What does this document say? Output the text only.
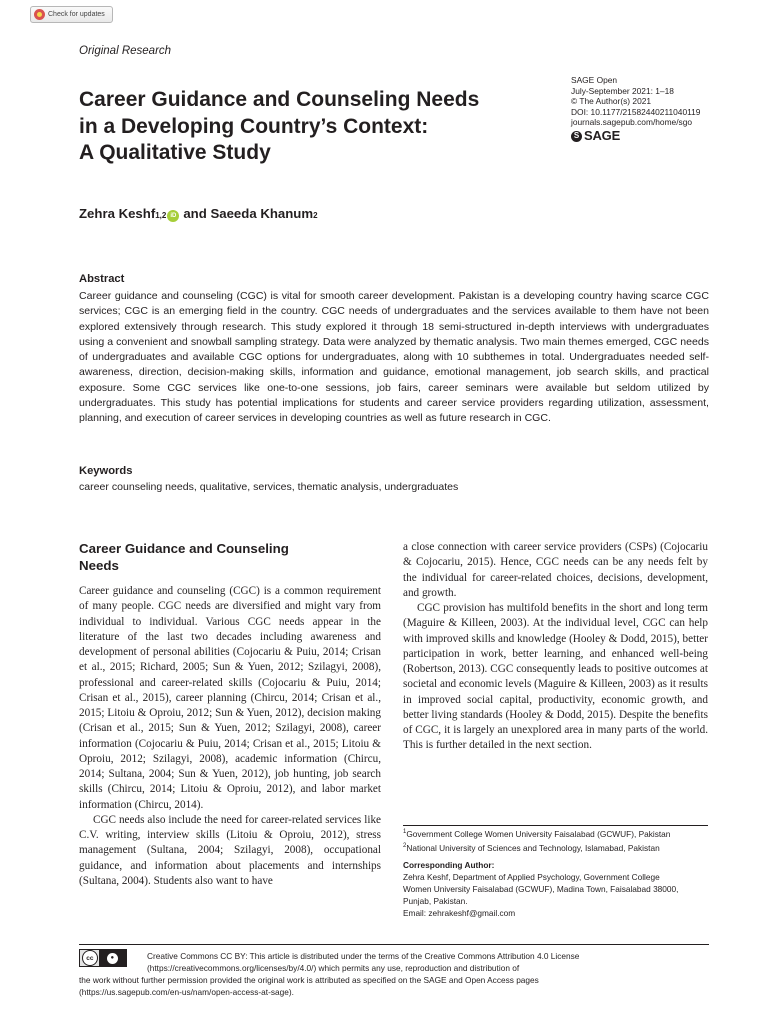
Check for updates
Original Research
SAGE Open
July-September 2021: 1–18
© The Author(s) 2021
DOI: 10.1177/21582440211040119
journals.sagepub.com/home/sgo
S SAGE
Career Guidance and Counseling Needs
in a Developing Country’s Context:
A Qualitative Study
Zehra Keshf 1,2 iD and
Saeeda Khanum 2
Abstract
Career guidance and counseling (CGC) is vital for smooth career development. Pakistan is a developing country having scarce CGC services; CGC is an emerging field in the country. CGC needs of undergraduates and the services available to them have not been explored extensively through research. This study explored it through 18 semi-structured in-depth interviews with undergraduates using a convenient and snowball sampling strategy. Data were analyzed by thematic analysis. Two main themes emerged, CGC needs of undergraduates and available CGC options for undergraduates, along with 10 subthemes in total. Undergraduates needed self-awareness, direction, decision-making skills, information and guidance, emotional management, job search skills, and practical exposure. Some CGC services like one-to-one sessions, job fairs, career seminars were available but seldom utilized by undergraduates. This study has potential implications for students and career service providers regarding utilization, assessment, planning, and execution of career services in developing countries as well as future research in CGC.
Keywords
career counseling needs, qualitative, services, thematic analysis, undergraduates
Career Guidance and Counseling Needs

Career guidance and counseling (CGC) is a common requirement of many people. CGC needs are diversified and might vary from individual to individual. Various CGC needs appear in the literature of the last two decades including awareness and development of personal abilities (Cojocariu & Puiu, 2014; Crisan et al., 2015; Richard, 2005; Sun & Yuen, 2012; Szilagyi, 2008), professional and career-related skills (Cojocariu & Puiu, 2014; Crisan et al., 2015), career planning (Chircu, 2014; Crisan et al., 2015; Litoiu & Oproiu, 2012; Sun & Yuen, 2012), decision making (Crisan et al., 2015; Sun & Yuen, 2012; Szilagyi, 2008), career information (Cojocariu & Puiu, 2014; Crisan et al., 2015; Litoiu & Oproiu, 2012; Szilagyi, 2008), academic information (Chircu, 2014; Sultana, 2004; Sun & Yuen, 2012), job hunting, job search skills (Chircu, 2014; Litoiu & Oproiu, 2012), and labor market information (Chircu, 2014).

CGC needs also include the need for career-related services like C.V. writing, interview skills (Litoiu & Oproiu, 2012), stress management (Sultana, 2004; Szilagyi, 2008), occupational guidance, and information about placements and internships (Sultana, 2004). Students also want to have

a close connection with career service providers (CSPs) (Cojocariu & Cojocariu, 2015). Hence, CGC needs can be any needs felt by the individual for career-related choices, decisions, development, and growth.

CGC provision has multifold benefits in the short and long term (Maguire & Killeen, 2003). At the individual level, CGC can help with improved skills and knowledge (Hooley & Dodd, 2015), better participation in work, better learning, and enhanced well-being (Robertson, 2013). CGC consequently leads to positive outcomes at societal and economic levels (Maguire & Killeen, 2003) as it results in improved social capital, productivity, economic growth, and better living standards (Hooley & Dodd, 2015). Despite the benefits of CGC, it is largely an unexplored area in many parts of the world. This is further detailed in the next section.

$^1$Government College Women University Faisalabad (GCWUF), Pakistan
$^2$National University of Sciences and Technology, Islamabad, Pakistan
Corresponding Author:
Zehra Keshf, Department of Applied Psychology, Government College
Women University Faisalabad (GCWUF), Madina Town, Faisalabad 38000,
Punjab, Pakistan.
Email: zehrakeshf@gmail.com
cc	●	Creative Commons CC BY: This article is distributed under the terms of the Creative Commons Attribution 4.0 License
(https://creativecommons.org/licenses/by/4.0/) which permits any use, reproduction and distribution of
the work without further permission provided the original work is attributed as specified on the SAGE and Open Access pages
(https://us.sagepub.com/en-us/nam/open-access-at-sage).
